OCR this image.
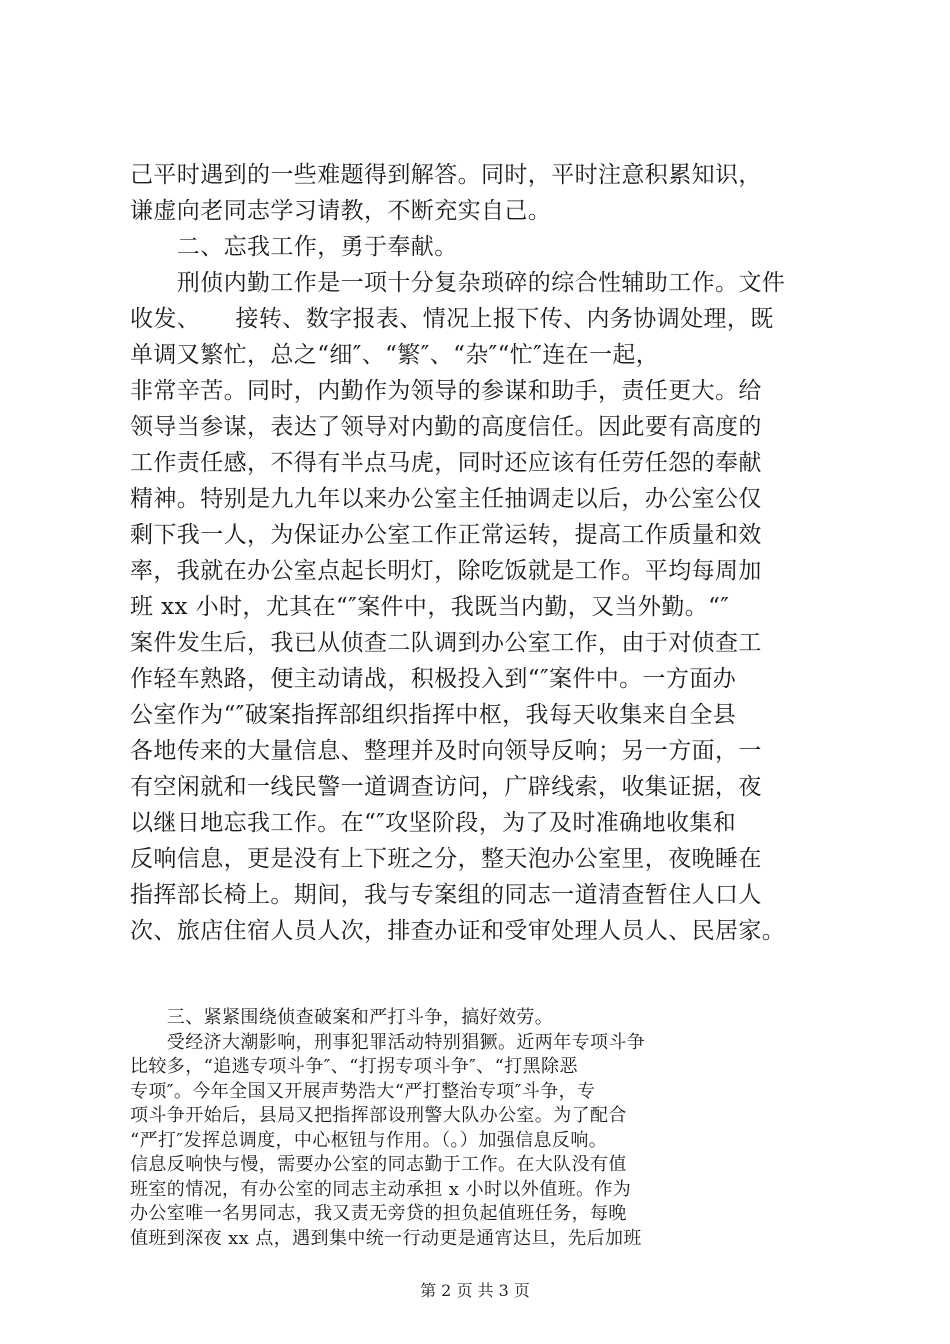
己平时遇到的一些难题得到解答。同时，平时注意积累知识，
谦虚向老同志学习请教，不断充实自己。
　　二、忘我工作，勇于奉献。
　　刑侦内勤工作是一项十分复杂琐碎的综合性辅助工作。文件
收发、　　接转、数字报表、情况上报下传、内务协调处理，既
单调又繁忙，总之“细″、“繁″、“杂″“忙″连在一起，
非常辛苦。同时，内勤作为领导的参谋和助手，责任更大。给
领导当参谋，表达了领导对内勤的高度信任。因此要有高度的
工作责任感，不得有半点马虎，同时还应该有任劳任怨的奉献
精神。特别是九九年以来办公室主任抽调走以后，办公室公仅
剩下我一人，为保证办公室工作正常运转，提高工作质量和效
率，我就在办公室点起长明灯，除吃饭就是工作。平均每周加
班 xx 小时，尤其在“″案件中，我既当内勤，又当外勤。“″
案件发生后，我已从侦查二队调到办公室工作，由于对侦查工
作轻车熟路，便主动请战，积极投入到“″案件中。一方面办
公室作为“″破案指挥部组织指挥中枢，我每天收集来自全县
各地传来的大量信息、整理并及时向领导反响；另一方面，一
有空闲就和一线民警一道调查访问，广辟线索，收集证据，夜
以继日地忘我工作。在“″攻坚阶段，为了及时准确地收集和
反响信息，更是没有上下班之分，整天泡办公室里，夜晚睡在
指挥部长椅上。期间，我与专案组的同志一道清查暂住人口人
次、旅店住宿人员人次，排查办证和受审处理人员人、民居家。
　　三、紧紧围绕侦查破案和严打斗争，搞好效劳。
　　受经济大潮影响，刑事犯罪活动特别猖獗。近两年专项斗争
比较多，“追逃专项斗争″、“打拐专项斗争″、“打黑除恶
专项″。今年全国又开展声势浩大“严打整治专项″斗争，专
项斗争开始后，县局又把指挥部设刑警大队办公室。为了配合
“严打″发挥总调度，中心枢钮与作用。（。）加强信息反响。
信息反响快与慢，需要办公室的同志勤于工作。在大队没有值
班室的情况，有办公室的同志主动承担 x 小时以外值班。作为
办公室唯一名男同志，我又责无旁贷的担负起值班任务，每晚
值班到深夜 xx 点，遇到集中统一行动更是通宵达旦，先后加班
第 2 页 共 3 页
